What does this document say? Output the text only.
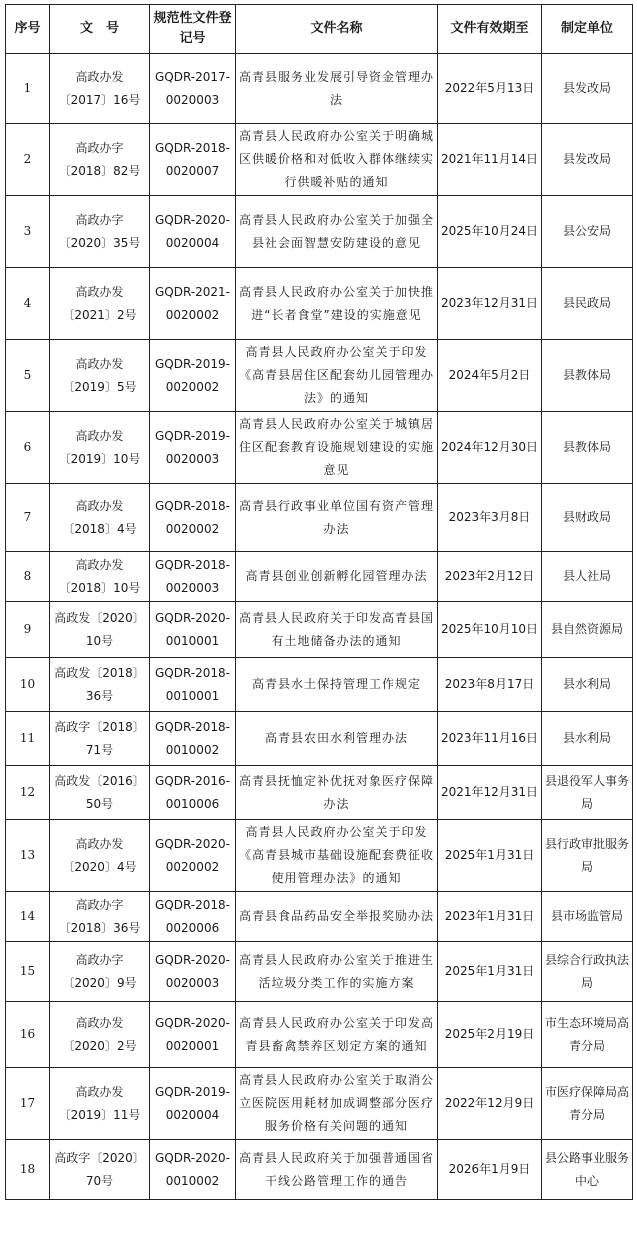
序号	文　号	规范性文件登记号	文件名称	文件有效期至	制定单位
1	高政办发〔2017〕16号	GQDR-2017-0020003	高青县服务业发展引导资金管理办法	2022年5月13日	县发改局
2	高政办字〔2018〕82号	GQDR-2018-0020007	高青县人民政府办公室关于明确城区供暖价格和对低收入群体继续实行供暖补贴的通知	2021年11月14日	县发改局
3	高政办字〔2020〕35号	GQDR-2020-0020004	高青县人民政府办公室关于加强全县社会面智慧安防建设的意见	2025年10月24日	县公安局
4	高政办发〔2021〕2号	GQDR-2021-0020002	高青县人民政府办公室关于加快推进“长者食堂”建设的实施意见	2023年12月31日	县民政局
5	高政办发〔2019〕5号	GQDR-2019-0020002	高青县人民政府办公室关于印发《高青县居住区配套幼儿园管理办法》的通知	2024年5月2日	县教体局
6	高政办发〔2019〕10号	GQDR-2019-0020003	高青县人民政府办公室关于城镇居住区配套教育设施规划建设的实施意见	2024年12月30日	县教体局
7	高政办发〔2018〕4号	GQDR-2018-0020002	高青县行政事业单位国有资产管理办法	2023年3月8日	县财政局
8	高政办发〔2018〕10号	GQDR-2018-0020003	高青县创业创新孵化园管理办法	2023年2月12日	县人社局
9	高政发〔2020〕10号	GQDR-2020-0010001	高青县人民政府关于印发高青县国有土地储备办法的通知	2025年10月10日	县自然资源局
10	高政发〔2018〕36号	GQDR-2018-0010001	高青县水土保持管理工作规定	2023年8月17日	县水利局
11	高政字〔2018〕71号	GQDR-2018-0010002	高青县农田水利管理办法	2023年11月16日	县水利局
12	高政发〔2016〕50号	GQDR-2016-0010006	高青县抚恤定补优抚对象医疗保障办法	2021年12月31日	县退役军人事务局
13	高政办发〔2020〕4号	GQDR-2020-0020002	高青县人民政府办公室关于印发《高青县城市基础设施配套费征收使用管理办法》的通知	2025年1月31日	县行政审批服务局
14	高政办字〔2018〕36号	GQDR-2018-0020006	高青县食品药品安全举报奖励办法	2023年1月31日	县市场监管局
15	高政办字〔2020〕9号	GQDR-2020-0020003	高青县人民政府办公室关于推进生活垃圾分类工作的实施方案	2025年1月31日	县综合行政执法局
16	高政办发〔2020〕2号	GQDR-2020-0020001	高青县人民政府办公室关于印发高青县畜禽禁养区划定方案的通知	2025年2月19日	市生态环境局高青分局
17	高政办发〔2019〕11号	GQDR-2019-0020004	高青县人民政府办公室关于取消公立医院医用耗材加成调整部分医疗服务价格有关问题的通知	2022年12月9日	市医疗保障局高青分局
18	高政字〔2020〕70号	GQDR-2020-0010002	高青县人民政府关于加强普通国省干线公路管理工作的通告	2026年1月9日	县公路事业服务中心
